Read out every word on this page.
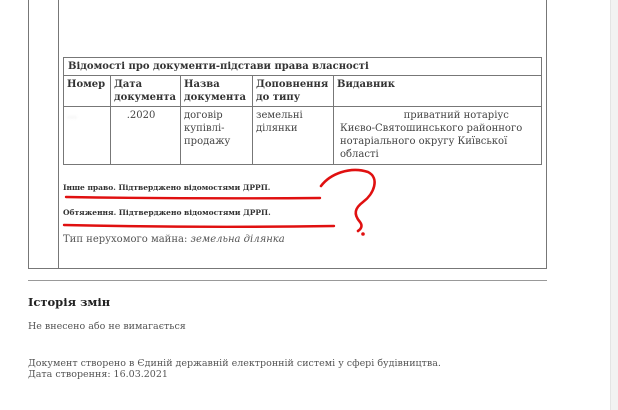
Відомості про документи-підстави права власності				
Номер	Дата документа	Назва документа	Доповнення до типу	Видавник
…	.2020	договір купівлі-продажу	земельні ділянки	приватний нотаріус Києво-Святошинського районного нотаріального округу Київської області
Інше право. Підтверджено відомостями ДРРП.
Обтяження. Підтверджено відомостями ДРРП.
Тип нерухомого майна: земельна ділянка
Історія змін
Не внесено або не вимагається
Документ створено в Єдиній державній електронній системі у сфері будівництва.
Дата створення: 16.03.2021
